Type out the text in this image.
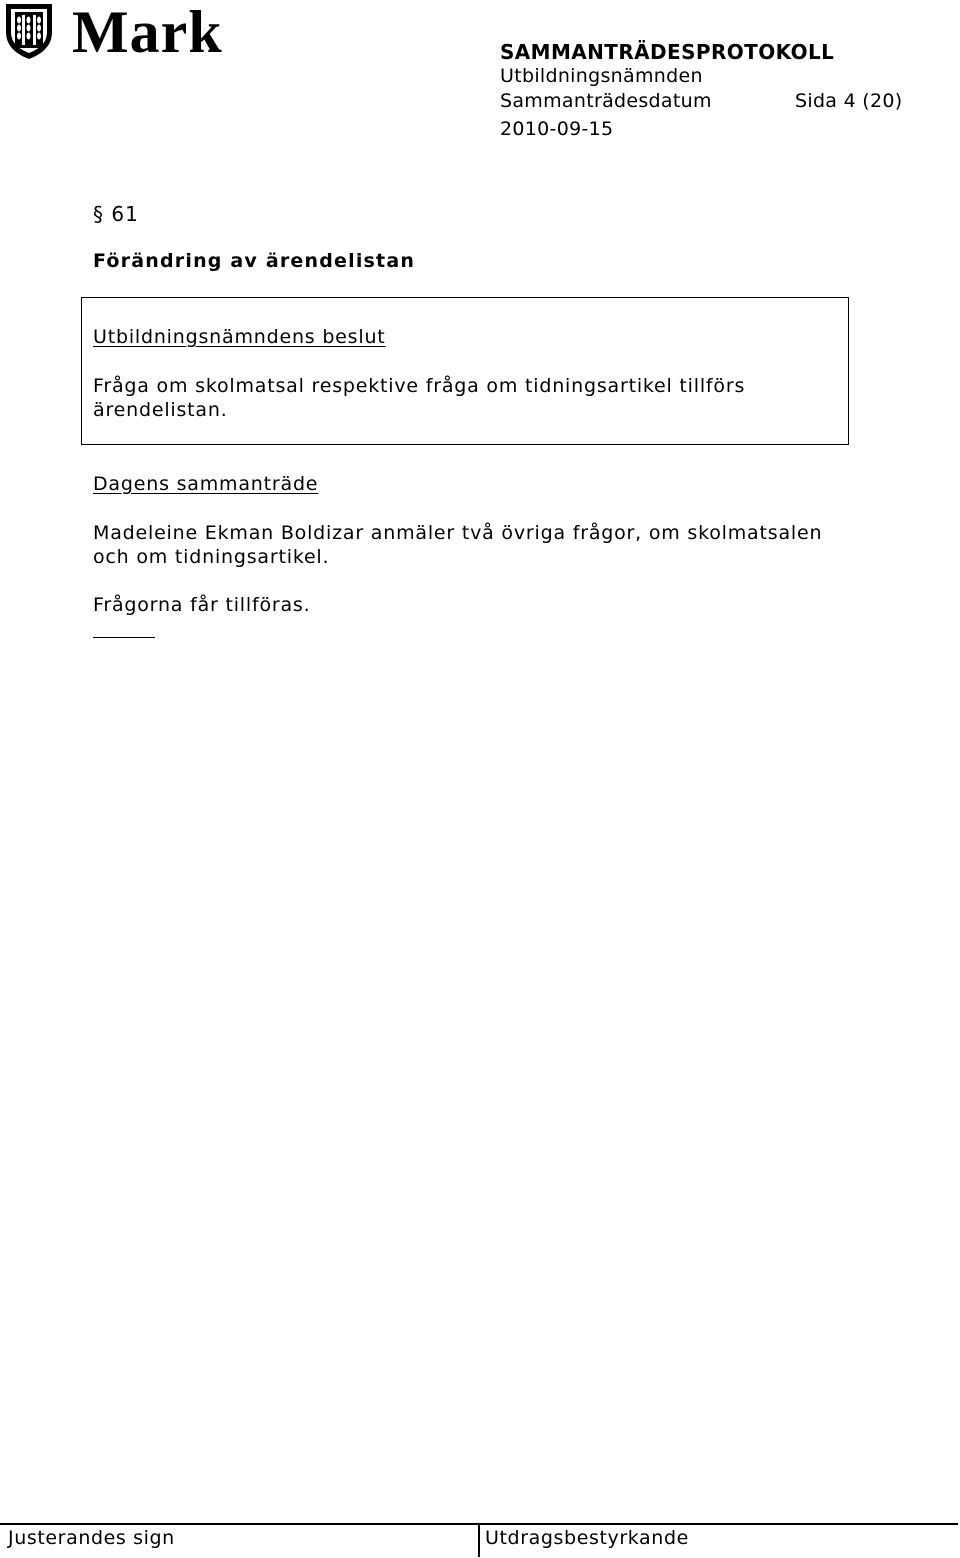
Mark	SAMMANTRÄDESPROTOKOLL
Utbildningsnämnden
Sammanträdesdatum	Sida 4 (20)
2010-09-15
§ 61
Förändring av ärendelistan
Utbildningsnämndens beslut
Fråga om skolmatsal respektive fråga om tidningsartikel tillförs
ärendelistan.
Dagens sammanträde
Madeleine Ekman Boldizar anmäler två övriga frågor, om skolmatsalen
och om tidningsartikel.
Frågorna får tillföras.
Justerandes sign	Utdragsbestyrkande
